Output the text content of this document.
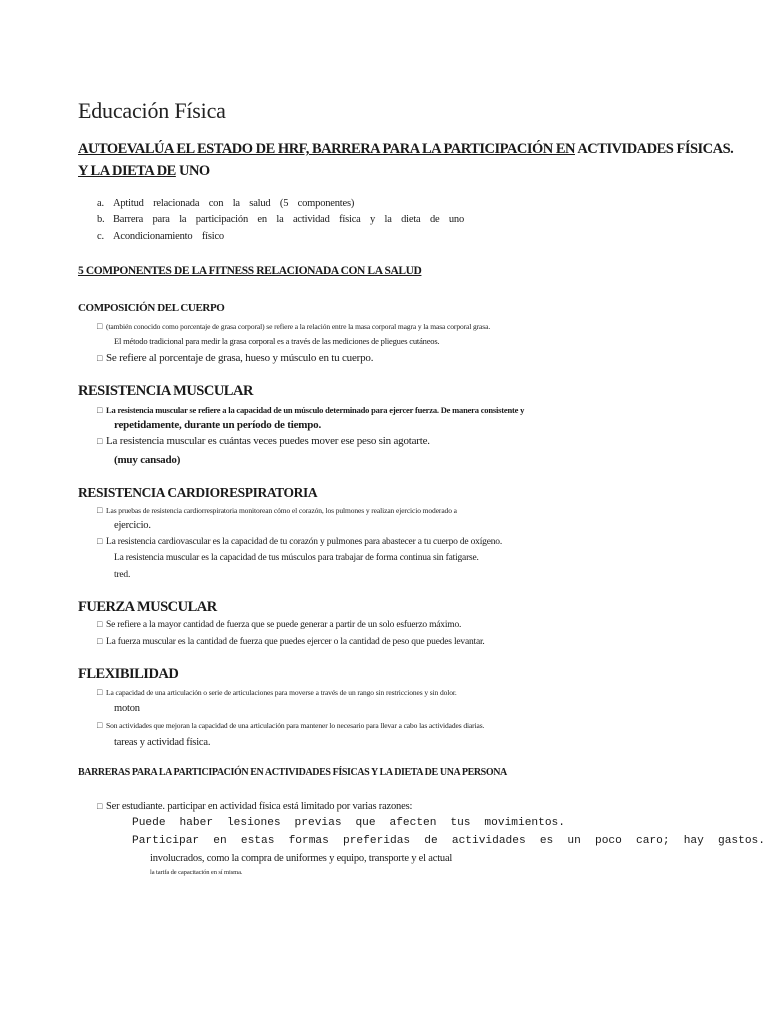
Educación Física
AUTOEVALÚA EL ESTADO DE HRF, BARRERA PARA LA PARTICIPACIÓN EN ACTIVIDADES FÍSICAS.
Y LA DIETA DE UNO
a. Aptitud relacionada con la salud (5 componentes)
b. Barrera para la participación en la actividad física y la dieta de uno
c. Acondicionamiento físico
5 COMPONENTES DE LA FITNESS RELACIONADA CON LA SALUD
COMPOSICIÓN DEL CUERPO
□ (también conocido como porcentaje de grasa corporal) se refiere a la relación entre la masa corporal magra y la masa corporal grasa.
El método tradicional para medir la grasa corporal es a través de las mediciones de pliegues cutáneos.
□ Se refiere al porcentaje de grasa, hueso y músculo en tu cuerpo.
RESISTENCIA MUSCULAR
□ La resistencia muscular se refiere a la capacidad de un músculo determinado para ejercer fuerza. De manera consistente y
repetidamente, durante un período de tiempo.
□ La resistencia muscular es cuántas veces puedes mover ese peso sin agotarte.
(muy cansado)
RESISTENCIA CARDIORESPIRATORIA
□ Las pruebas de resistencia cardiorrespiratoria monitorean cómo el corazón, los pulmones y realizan ejercicio moderado a
ejercicio.
□ La resistencia cardiovascular es la capacidad de tu corazón y pulmones para abastecer a tu cuerpo de oxígeno.
La resistencia muscular es la capacidad de tus músculos para trabajar de forma continua sin fatigarse.
tred.
FUERZA MUSCULAR
□ Se refiere a la mayor cantidad de fuerza que se puede generar a partir de un solo esfuerzo máximo.
□ La fuerza muscular es la cantidad de fuerza que puedes ejercer o la cantidad de peso que puedes levantar.
FLEXIBILIDAD
□ La capacidad de una articulación o serie de articulaciones para moverse a través de un rango sin restricciones y sin dolor.
moton
□ Son actividades que mejoran la capacidad de una articulación para mantener lo necesario para llevar a cabo las actividades diarias.
tareas y actividad física.
BARRERAS PARA LA PARTICIPACIÓN EN ACTIVIDADES FÍSICAS Y LA DIETA DE UNA PERSONA
□ Ser estudiante. participar en actividad física está limitado por varias razones:
Puede haber lesiones previas que afecten tus movimientos.
Participar en estas formas preferidas de actividades es un poco caro; hay gastos.
involucrados, como la compra de uniformes y equipo, transporte y el actual
la tarifa de capacitación en sí misma.
